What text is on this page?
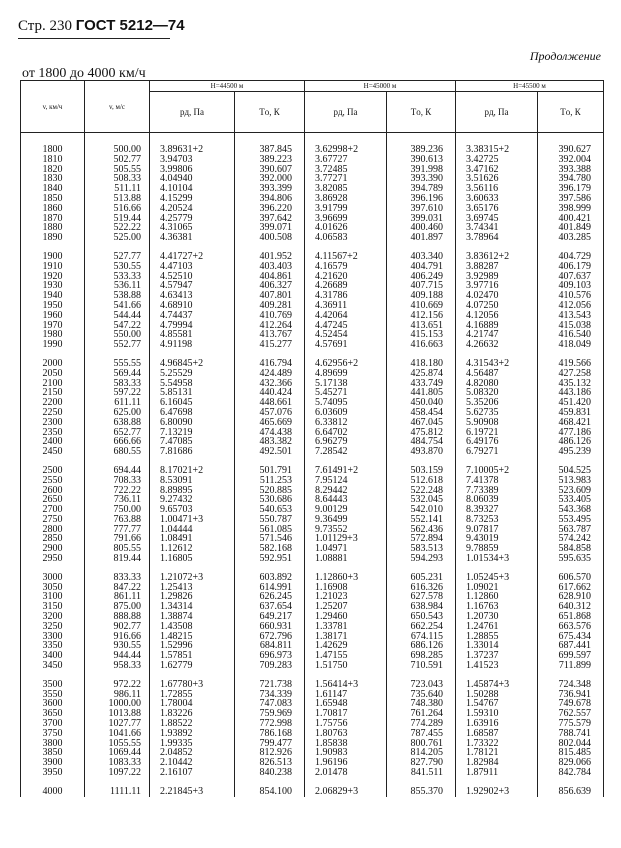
Стр. 230 ГОСТ 5212—74
Продолжение
от 1800 до 4000 км/ч
v, км/ч	v, м/с	H=44500 м		H=45000 м		H=45500 м	
		pд, Па	Tо, К	pд, Па	Tо, К	pд, Па	Tо, К
1800	500.00	3.89631+2	387.845	3.62998+2	389.236	3.38315+2	390.627
1810	502.77	3.94703	389.223	3.67727	390.613	3.42725	392.004
1820	505.55	3.99806	390.607	3.72485	391.998	3.47162	393.388
1830	508.33	4.04940	392.000	3.77271	393.390	3.51626	394.780
1840	511.11	4.10104	393.399	3.82085	394.789	3.56116	396.179
1850	513.88	4.15299	394.806	3.86928	396.196	3.60633	397.586
1860	516.66	4.20524	396.220	3.91799	397.610	3.65176	398.999
1870	519.44	4.25779	397.642	3.96699	399.031	3.69745	400.421
1880	522.22	4.31065	399.071	4.01626	400.460	3.74341	401.849
1890	525.00	4.36381	400.508	4.06583	401.897	3.78964	403.285
1900	527.77	4.41727+2	401.952	4.11567+2	403.340	3.83612+2	404.729
1910	530.55	4.47103	403.403	4.16579	404.791	3.88287	406.179
1920	533.33	4.52510	404.861	4.21620	406.249	3.92989	407.637
1930	536.11	4.57947	406.327	4.26689	407.715	3.97716	409.103
1940	538.88	4.63413	407.801	4.31786	409.188	4.02470	410.576
1950	541.66	4.68910	409.281	4.36911	410.669	4.07250	412.056
1960	544.44	4.74437	410.769	4.42064	412.156	4.12056	413.543
1970	547.22	4.79994	412.264	4.47245	413.651	4.16889	415.038
1980	550.00	4.85581	413.767	4.52454	415.153	4.21747	416.540
1990	552.77	4.91198	415.277	4.57691	416.663	4.26632	418.049
2000	555.55	4.96845+2	416.794	4.62956+2	418.180	4.31543+2	419.566
2050	569.44	5.25529	424.489	4.89699	425.874	4.56487	427.258
2100	583.33	5.54958	432.366	5.17138	433.749	4.82080	435.132
2150	597.22	5.85131	440.424	5.45271	441.805	5.08320	443.186
2200	611.11	6.16045	448.661	5.74095	450.040	5.35206	451.420
2250	625.00	6.47698	457.076	6.03609	458.454	5.62735	459.831
2300	638.88	6.80090	465.669	6.33812	467.045	5.90908	468.421
2350	652.77	7.13219	474.438	6.64702	475.812	6.19721	477.186
2400	666.66	7.47085	483.382	6.96279	484.754	6.49176	486.126
2450	680.55	7.81686	492.501	7.28542	493.870	6.79271	495.239
2500	694.44	8.17021+2	501.791	7.61491+2	503.159	7.10005+2	504.525
2550	708.33	8.53091	511.253	7.95124	512.618	7.41378	513.983
2600	722.22	8.89895	520.885	8.29442	522.248	7.73389	523.609
2650	736.11	9.27432	530.686	8.64443	532.045	8.06039	533.405
2700	750.00	9.65703	540.653	9.00129	542.010	8.39327	543.368
2750	763.88	1.00471+3	550.787	9.36499	552.141	8.73253	553.495
2800	777.77	1.04444	561.085	9.73552	562.436	9.07817	563.787
2850	791.66	1.08491	571.546	1.01129+3	572.894	9.43019	574.242
2900	805.55	1.12612	582.168	1.04971	583.513	9.78859	584.858
2950	819.44	1.16805	592.951	1.08881	594.293	1.01534+3	595.635
3000	833.33	1.21072+3	603.892	1.12860+3	605.231	1.05245+3	606.570
3050	847.22	1.25413	614.991	1.16908	616.326	1.09021	617.662
3100	861.11	1.29826	626.245	1.21023	627.578	1.12860	628.910
3150	875.00	1.34314	637.654	1.25207	638.984	1.16763	640.312
3200	888.88	1.38874	649.217	1.29460	650.543	1.20730	651.868
3250	902.77	1.43508	660.931	1.33781	662.254	1.24761	663.576
3300	916.66	1.48215	672.796	1.38171	674.115	1.28855	675.434
3350	930.55	1.52996	684.811	1.42629	686.126	1.33014	687.441
3400	944.44	1.57851	696.973	1.47155	698.285	1.37237	699.597
3450	958.33	1.62779	709.283	1.51750	710.591	1.41523	711.899
3500	972.22	1.67780+3	721.738	1.56414+3	723.043	1.45874+3	724.348
3550	986.11	1.72855	734.339	1.61147	735.640	1.50288	736.941
3600	1000.00	1.78004	747.083	1.65948	748.380	1.54767	749.678
3650	1013.88	1.83226	759.969	1.70817	761.264	1.59310	762.557
3700	1027.77	1.88522	772.998	1.75756	774.289	1.63916	775.579
3750	1041.66	1.93892	786.168	1.80763	787.455	1.68587	788.741
3800	1055.55	1.99335	799.477	1.85838	800.761	1.73322	802.044
3850	1069.44	2.04852	812.926	1.90983	814.205	1.78121	815.485
3900	1083.33	2.10442	826.513	1.96196	827.790	1.82984	829.066
3950	1097.22	2.16107	840.238	2.01478	841.511	1.87911	842.784
4000	1111.11	2.21845+3	854.100	2.06829+3	855.370	1.92902+3	856.639
